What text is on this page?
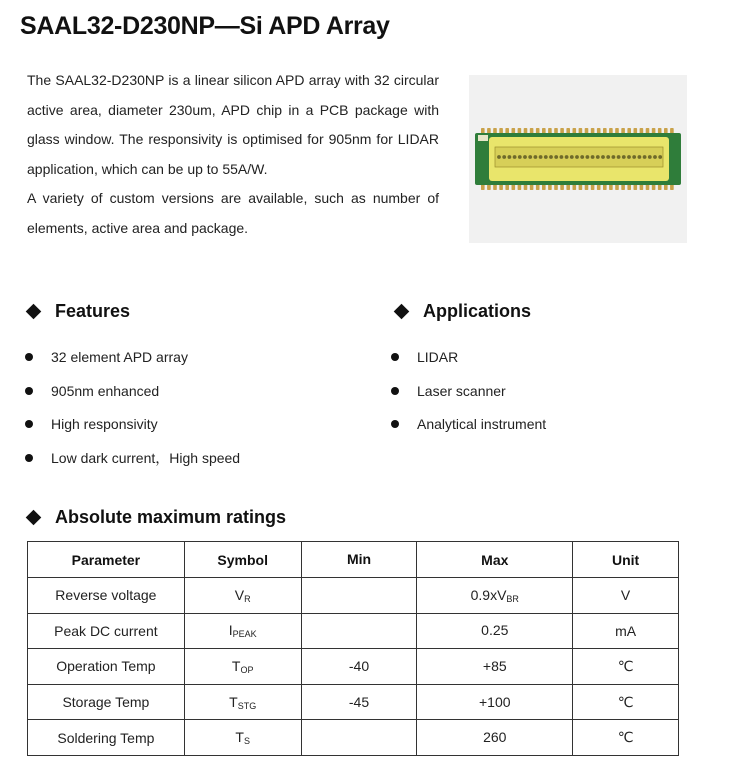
SAAL32-D230NP—Si APD Array

The SAAL32-D230NP is a linear silicon APD array with 32 circular active area, diameter 230um, APD chip in a PCB package with glass window. The responsivity is optimised for 905nm for LIDAR application, which can be up to 55A/W.

A variety of custom versions are available, such as number of elements, active area and package.

Features
32 element APD array
905nm enhanced
High responsivity
Low dark current，High speed
Applications
LIDAR
Laser scanner
Analytical instrument
Absolute maximum ratings
Parameter	Symbol	Min	Max	Unit
Reverse voltage	$V_R$		$0.9xV_{BR}$	V
Peak DC current	$I_{PEAK}$		0.25	mA
Operation Temp	$T_{OP}$	-40	+85	℃
Storage Temp	$T_{STG}$	-45	+100	℃
Soldering Temp	$T_S$		260	℃
